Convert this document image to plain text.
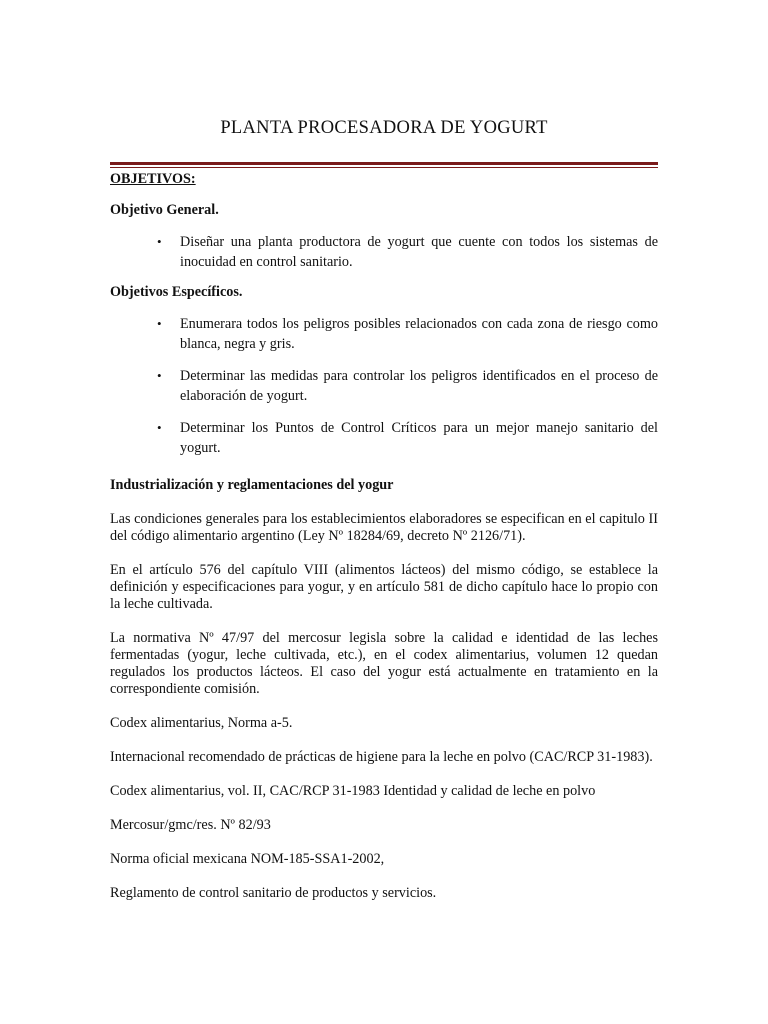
PLANTA PROCESADORA DE YOGURT

OBJETIVOS:

Objetivo General.

• Diseñar una planta productora de yogurt que cuente con todos los sistemas de inocuidad en control sanitario.

Objetivos Específicos.

• Enumerara todos los peligros posibles relacionados con cada zona de riesgo como blanca, negra y gris.
• Determinar las medidas para controlar los peligros identificados en el proceso de elaboración de yogurt.
• Determinar los Puntos de Control Críticos para un mejor manejo sanitario del yogurt.

Industrialización y reglamentaciones del yogur

Las condiciones generales para los establecimientos elaboradores se especifican en el capitulo II del código alimentario argentino (Ley Nº 18284/69, decreto Nº 2126/71).

En el artículo 576 del capítulo VIII (alimentos lácteos) del mismo código, se establece la definición y especificaciones para yogur, y en artículo 581 de dicho capítulo hace lo propio con la leche cultivada.

La normativa Nº 47/97 del mercosur legisla sobre la calidad e identidad de las leches fermentadas (yogur, leche cultivada, etc.), en el codex alimentarius, volumen 12 quedan regulados los productos lácteos. El caso del yogur está actualmente en tratamiento en la correspondiente comisión.

Codex alimentarius, Norma a-5.

Internacional recomendado de prácticas de higiene para la leche en polvo (CAC/RCP 31-1983).

Codex alimentarius, vol. II, CAC/RCP 31-1983 Identidad y calidad de leche en polvo

Mercosur/gmc/res. Nº 82/93

Norma oficial mexicana NOM-185-SSA1-2002,

Reglamento de control sanitario de productos y servicios.
